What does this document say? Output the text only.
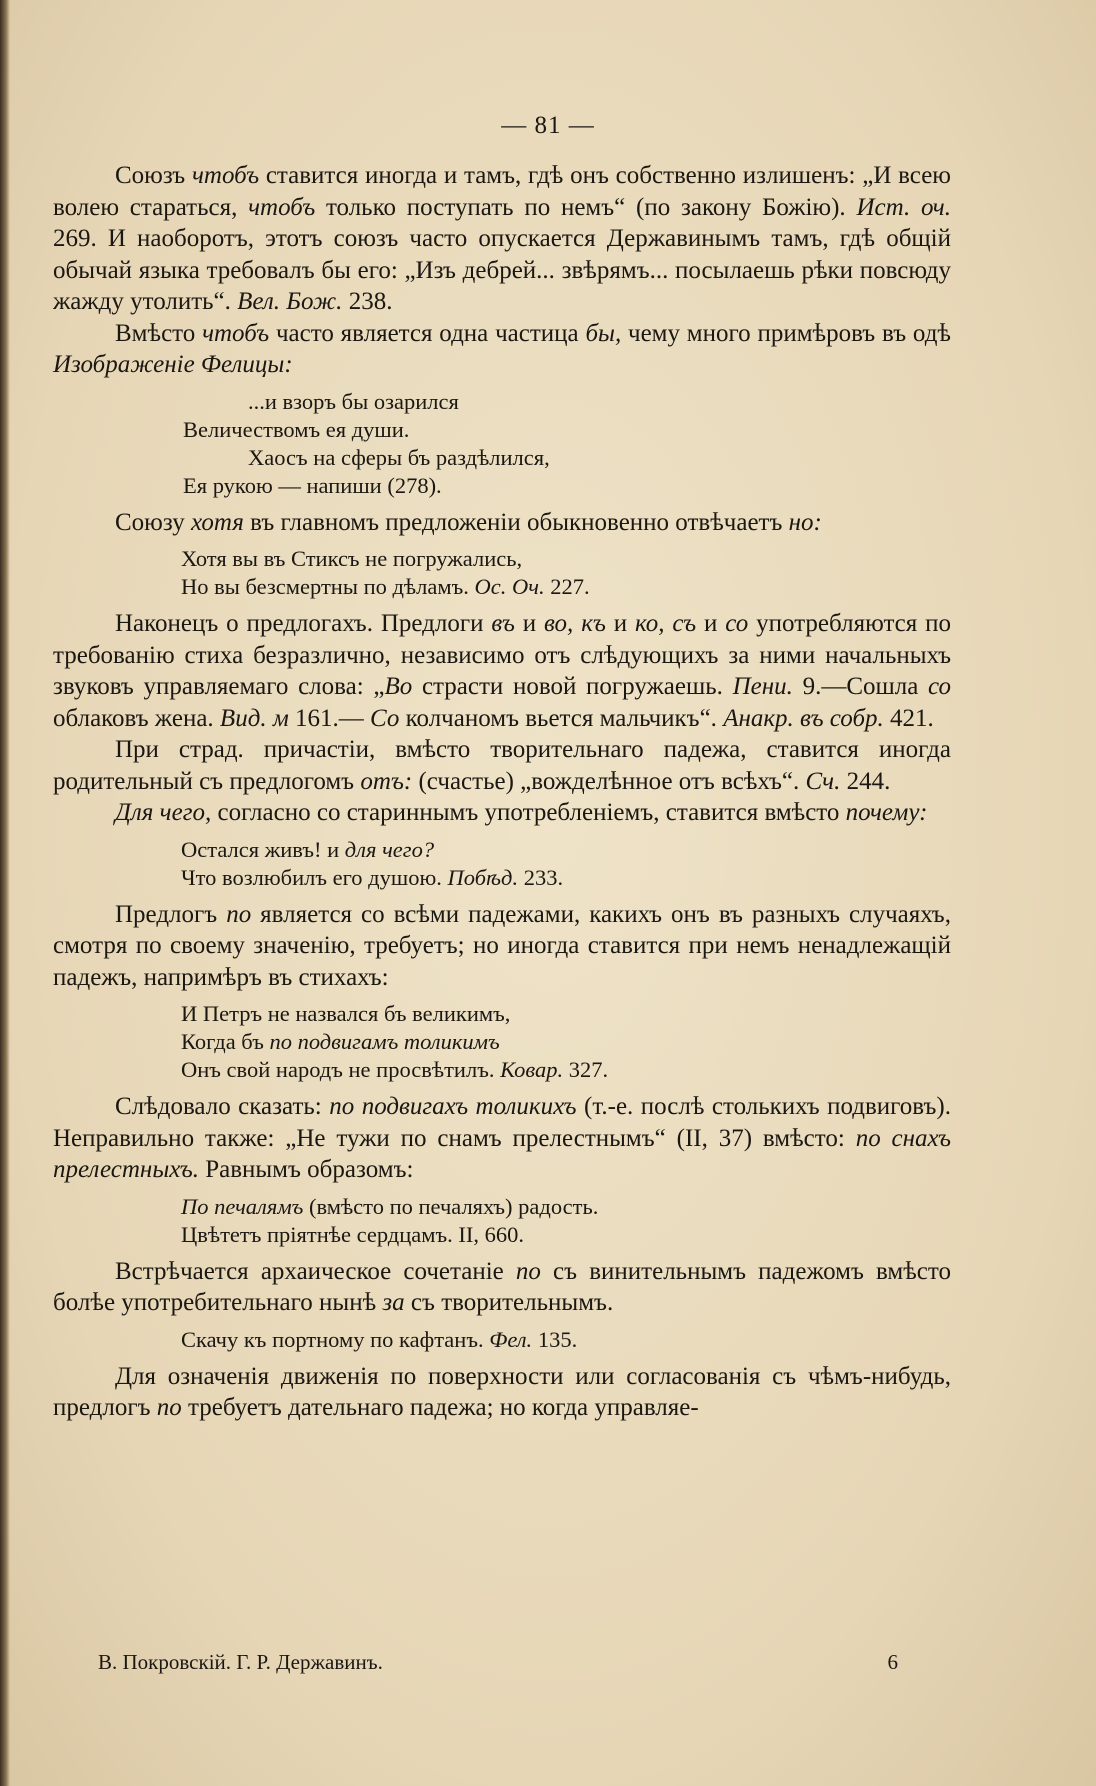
— 81 —

Союзъ чтобъ ставится иногда и тамъ, гдѣ онъ собственно излишенъ: „И всею волею стараться, чтобъ только поступать по немъ“ (по закону Божію). Ист. оч. 269. И наоборотъ, этотъ союзъ часто опускается Державинымъ тамъ, гдѣ общій обычай языка требовалъ бы его: „Изъ дебрей... звѣрямъ... посылаешь рѣки повсюду жажду утолить“. Вел. Бож. 238.

Вмѣсто чтобъ часто является одна частица бы, чему много примѣровъ въ одѣ Изображеніе Фелицы:

...и взоръ бы озарился

Величествомъ ея души.

Хаосъ на сферы бъ раздѣлился,

Ея рукою — напиши (278).

Союзу хотя въ главномъ предложеніи обыкновенно отвѣчаетъ но:

Хотя вы въ Стиксъ не погружались,

Но вы безсмертны по дѣламъ. Ос. Оч. 227.

Наконецъ о предлогахъ. Предлоги въ и во, къ и ко, съ и со употребляются по требованію стиха безразлично, независимо отъ слѣдующихъ за ними начальныхъ звуковъ управляемаго слова: „Во страсти новой погружаешь. Пени. 9.—Сошла со облаковъ жена. Вид. м 161.— Со колчаномъ вьется мальчикъ“. Анакр. въ собр. 421.

При страд. причастіи, вмѣсто творительнаго падежа, ставится иногда родительный съ предлогомъ отъ: (счастье) „вожделѣнное отъ всѣхъ“. Сч. 244.

Для чего, согласно со стариннымъ употребленіемъ, ставится вмѣсто почему:

Остался живъ! и для чего?

Что возлюбилъ его душою. Побѣд. 233.

Предлогъ по является со всѣми падежами, какихъ онъ въ разныхъ случаяхъ, смотря по своему значенію, требуетъ; но иногда ставится при немъ ненадлежащій падежъ, напримѣръ въ стихахъ:

И Петръ не назвался бъ великимъ,

Когда бъ по подвигамъ толикимъ

Онъ свой народъ не просвѣтилъ. Ковар. 327.

Слѣдовало сказать: по подвигахъ толикихъ (т.-е. послѣ столькихъ подвиговъ). Неправильно также: „Не тужи по снамъ прелестнымъ“ (II, 37) вмѣсто: по снахъ прелестныхъ. Равнымъ образомъ:

По печалямъ (вмѣсто по печаляхъ) радость.

Цвѣтетъ пріятнѣе сердцамъ. II, 660.

Встрѣчается архаическое сочетаніе по съ винительнымъ падежомъ вмѣсто болѣе употребительнаго нынѣ за съ творительнымъ.

Скачу къ портному по кафтанъ. Фел. 135.

Для означенія движенія по поверхности или согласованія съ чѣмъ-нибудь, предлогъ по требуетъ дательнаго падежа; но когда управляе-

В. Покровскій. Г. Р. Державинъ.	6
